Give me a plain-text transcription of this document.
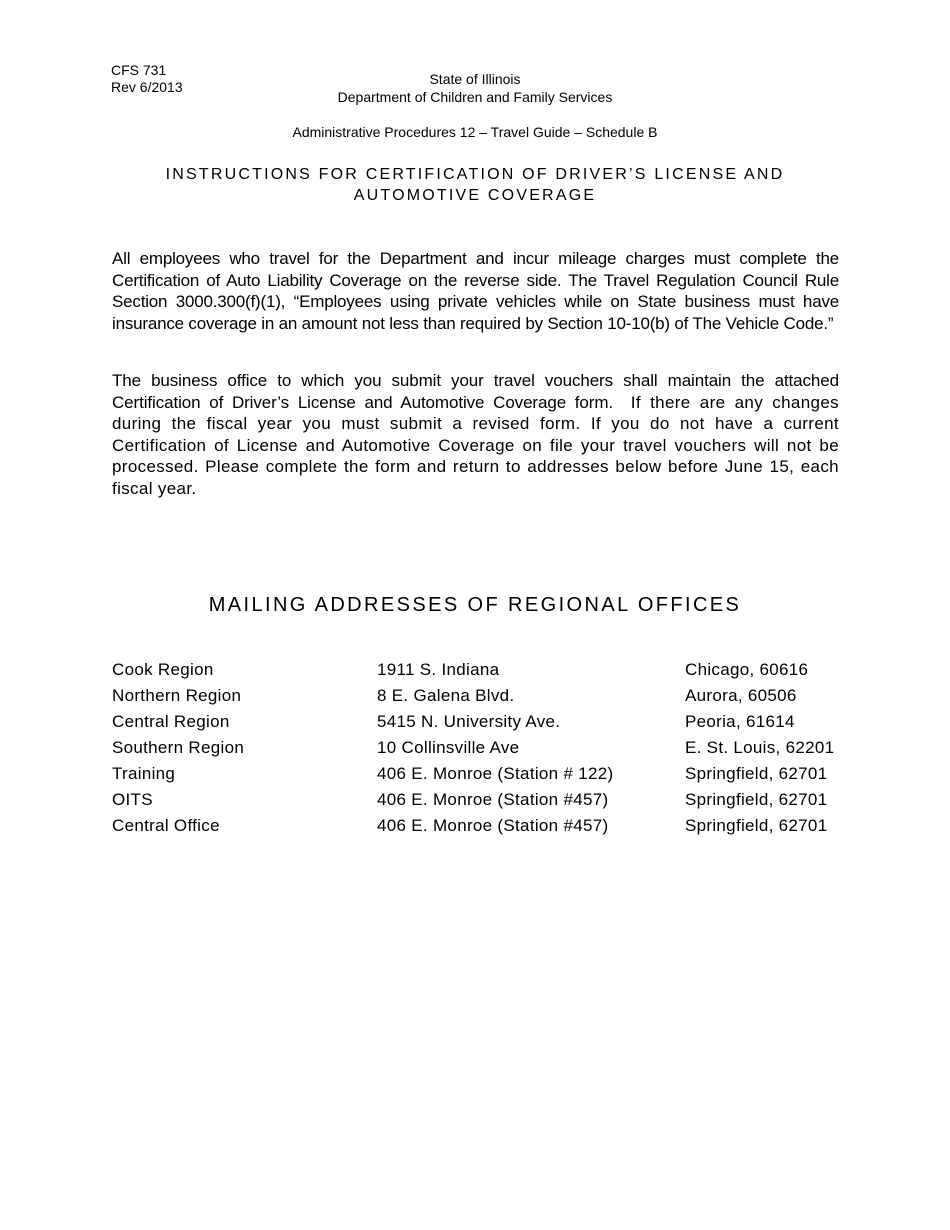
CFS 731
Rev 6/2013	State of Illinois
Department of Children and Family Services
Administrative Procedures 12 – Travel Guide – Schedule B
INSTRUCTIONS FOR CERTIFICATION OF DRIVER’S LICENSE AND
AUTOMOTIVE COVERAGE
All employees who travel for the Department and incur mileage charges must complete the Certification of Auto Liability Coverage on the reverse side. The Travel Regulation Council Rule Section 3000.300(f)(1), “Employees using private vehicles while on State business must have insurance coverage in an amount not less than required by Section 10-10(b) of The Vehicle Code.”
The business office to which you submit your travel vouchers shall maintain the attached Certification of Driver’s License and Automotive Coverage form. If there are any changes during the fiscal year you must submit a revised form. If you do not have a current Certification of License and Automotive Coverage on file your travel vouchers will not be processed. Please complete the form and return to addresses below before June 15, each fiscal year.
MAILING ADDRESSES OF REGIONAL OFFICES
Cook Region	1911 S. Indiana	Chicago, 60616
Northern Region	8 E. Galena Blvd.	Aurora, 60506
Central Region	5415 N. University Ave.	Peoria, 61614
Southern Region	10 Collinsville Ave	E. St. Louis, 62201
Training	406 E. Monroe (Station # 122)	Springfield, 62701
OITS	406 E. Monroe (Station #457)	Springfield, 62701
Central Office	406 E. Monroe (Station #457)	Springfield, 62701
